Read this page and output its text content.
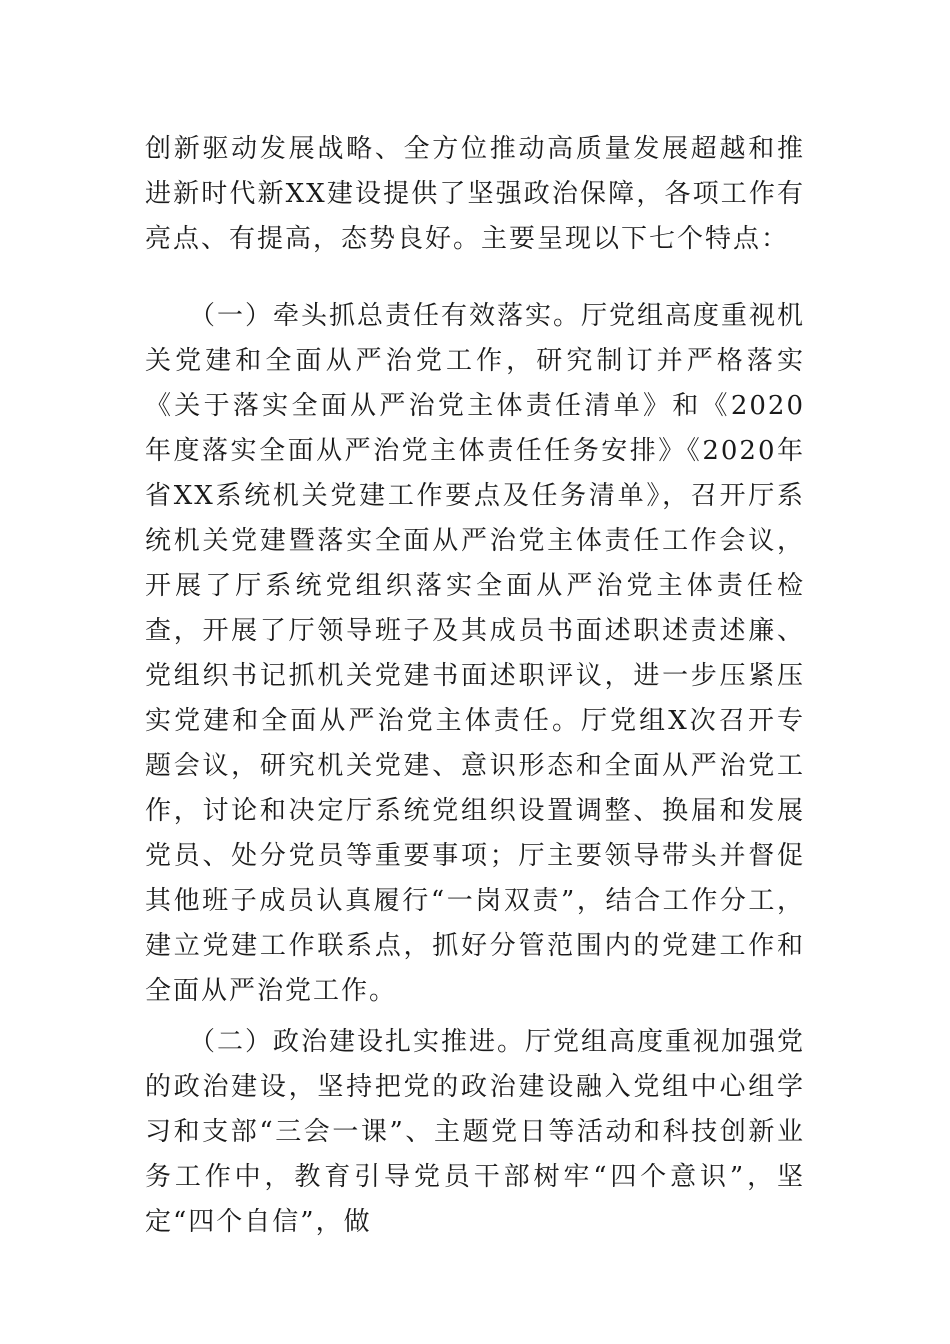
创新驱动发展战略、全方位推动高质量发展超越和推进新时代新XX建设提供了坚强政治保障，各项工作有亮点、有提高，态势良好。主要呈现以下七个特点：

（一）牵头抓总责任有效落实。厅党组高度重视机关党建和全面从严治党工作，研究制订并严格落实《关于落实全面从严治党主体责任清单》和《2020年度落实全面从严治党主体责任任务安排》《2020年省XX系统机关党建工作要点及任务清单》，召开厅系统机关党建暨落实全面从严治党主体责任工作会议，开展了厅系统党组织落实全面从严治党主体责任检查，开展了厅领导班子及其成员书面述职述责述廉、党组织书记抓机关党建书面述职评议，进一步压紧压实党建和全面从严治党主体责任。厅党组X次召开专题会议，研究机关党建、意识形态和全面从严治党工作，讨论和决定厅系统党组织设置调整、换届和发展党员、处分党员等重要事项；厅主要领导带头并督促其他班子成员认真履行“一岗双责”，结合工作分工，建立党建工作联系点，抓好分管范围内的党建工作和全面从严治党工作。

（二）政治建设扎实推进。厅党组高度重视加强党的政治建设，坚持把党的政治建设融入党组中心组学习和支部“三会一课”、主题党日等活动和科技创新业务工作中，教育引导党员干部树牢“四个意识”，坚定“四个自信”，做
